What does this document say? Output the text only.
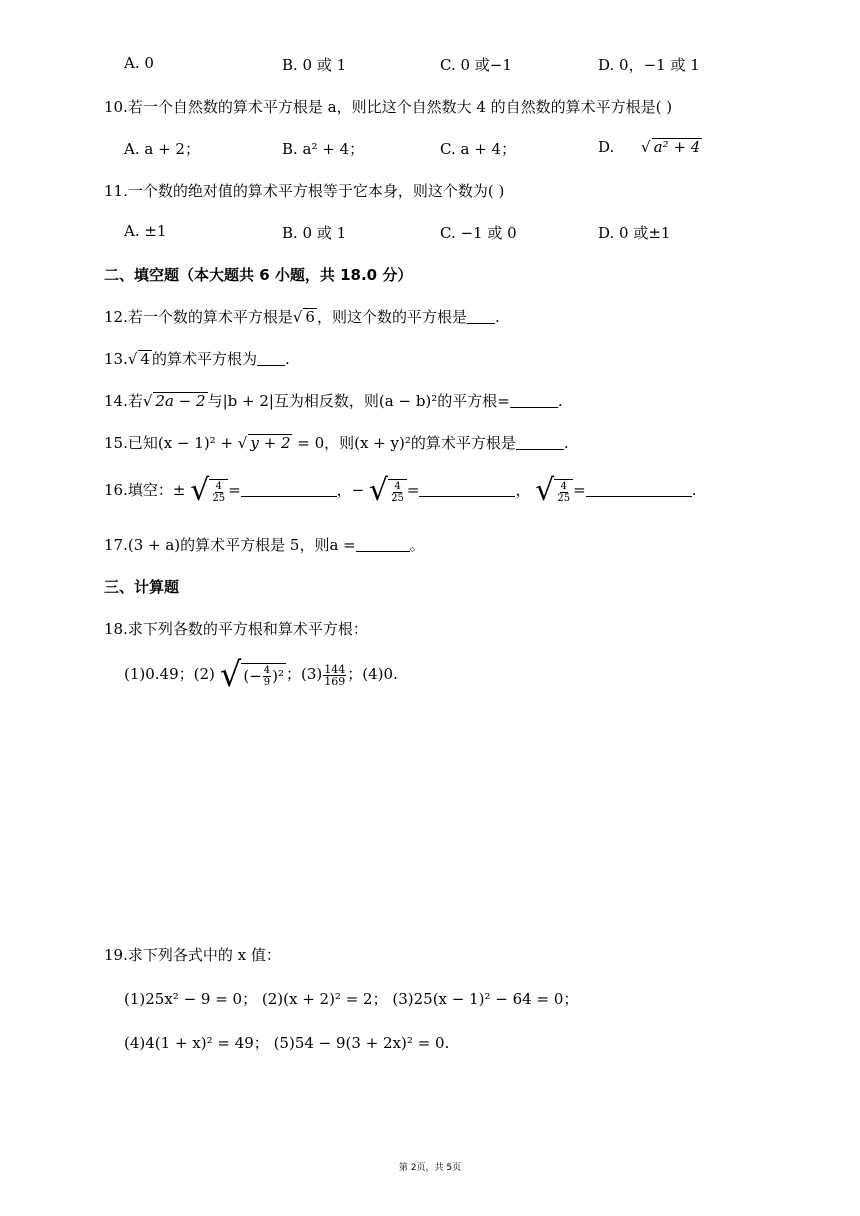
A. 0	B. 0 或 1	C. 0 或−1	D. 0，−1 或 1
10.若一个自然数的算术平方根是 a，则比这个自然数大 4 的自然数的算术平方根是( )
A. a + 2；	B. a² + 4；	C. a + 4；	D. √ a² + 4
11.一个数的绝对值的算术平方根等于它本身，则这个数为( )
A. ±1	B. 0 或 1	C. −1 或 0	D. 0 或±1
二、填空题（本大题共 6 小题，共 18.0 分）
12.若一个数的算术平方根是√ 6 ，则这个数的平方根是 .
13.√ 4 的算术平方根为 .
14.若√ 2a − 2 与|b + 2|互为相反数，则(a − b)²的平方根=	.
15.已知(x − 1)² + √ y + 2 = 0，则(x + y)²的算术平方根是	.
16.填空：± √ $\frac{4}{25}$ =	，− √ $\frac{4}{25}$ =	， √ $\frac{4}{25}$ =	.
17.(3 + a)的算术平方根是 5，则a =	。
三、计算题
18.求下列各数的平方根和算术平方根：
(1)0.49；(2) √ (− $\frac{4}{9} )^2$ ；$(3) \frac{144}{169}$ ；(4)0.
19.求下列各式中的 x 值：
(1)25x² − 9 = 0； (2)(x + 2)² = 2； (3)25(x − 1)² − 64 = 0；
(4)4(1 + x)² = 49； (5)54 − 9(3 + 2x)² = 0.
第 2页，共 5页
